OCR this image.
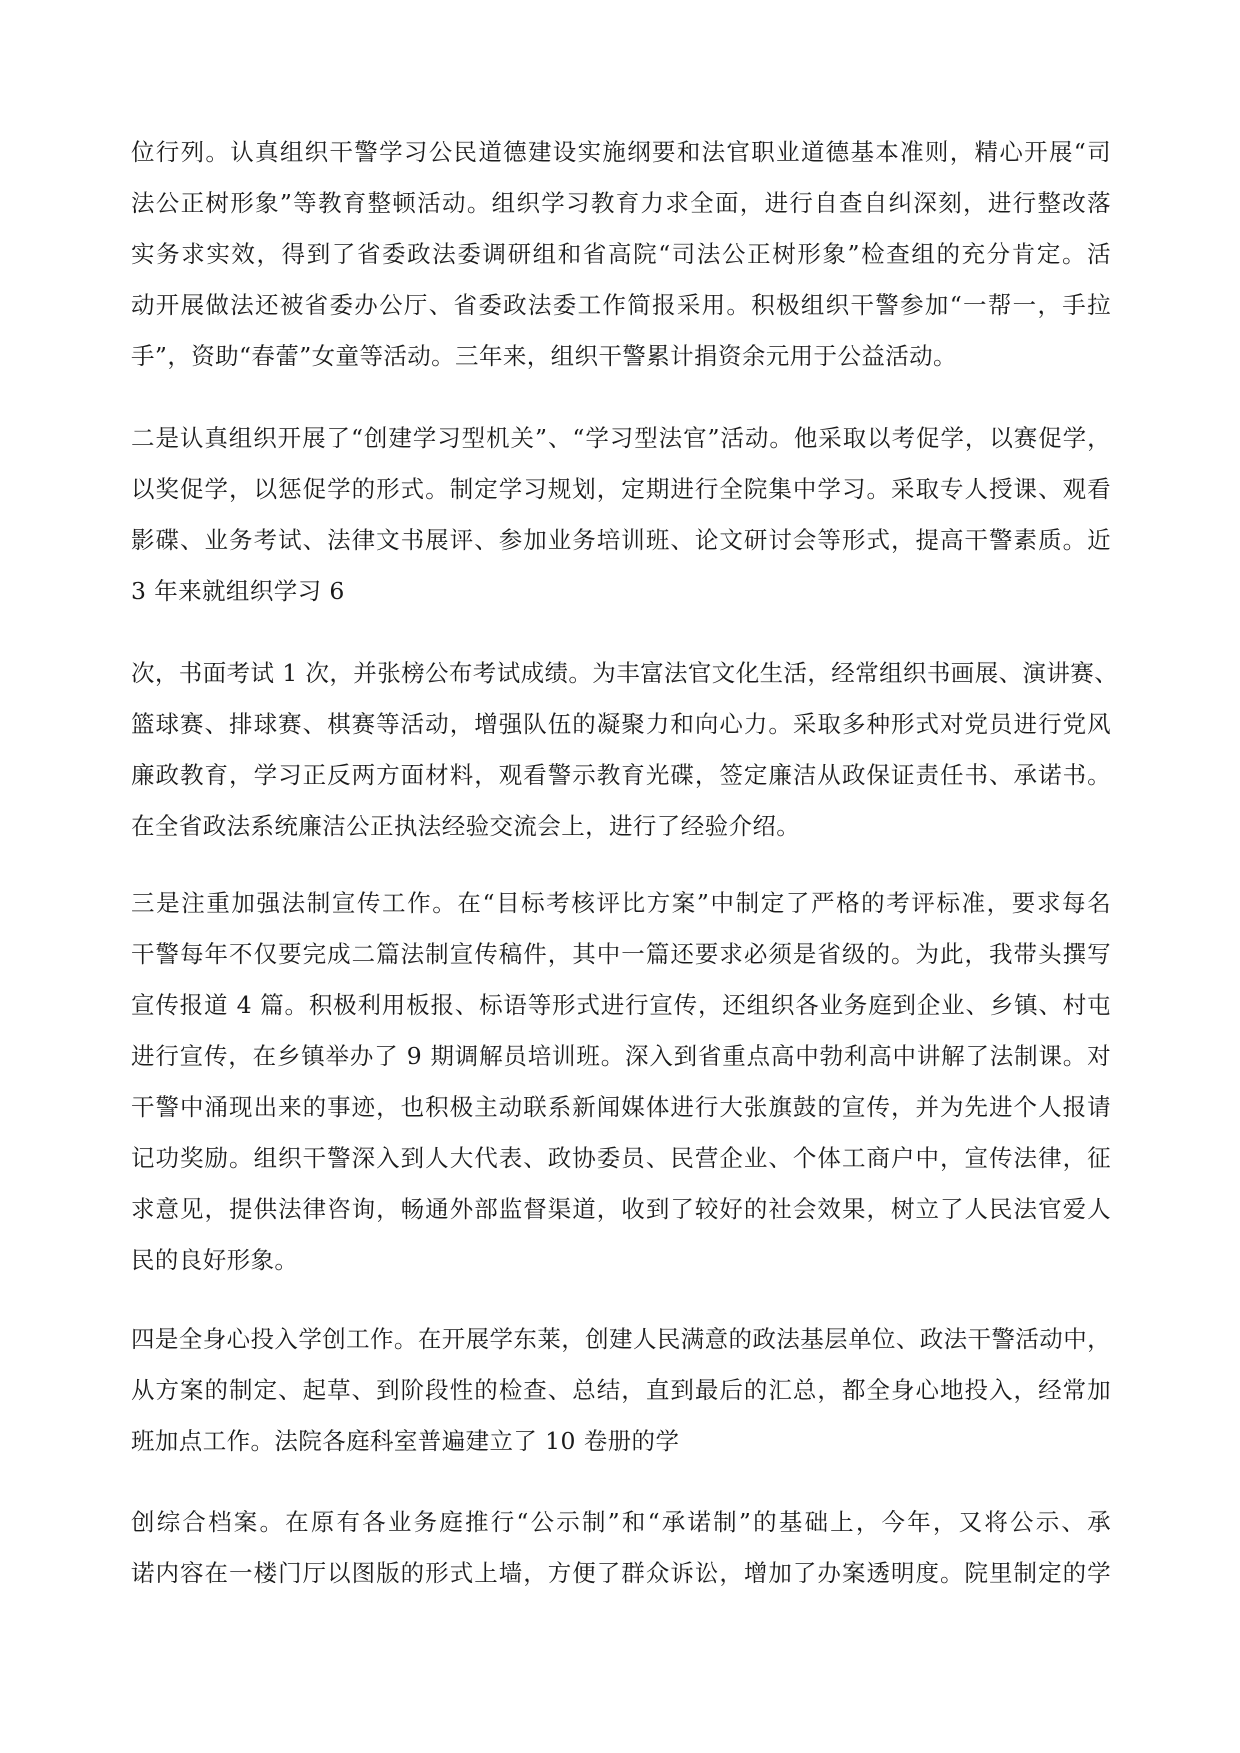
位行列。认真组织干警学习公民道德建设实施纲要和法官职业道德基本准则，精心开展“司
法公正树形象”等教育整顿活动。组织学习教育力求全面，进行自查自纠深刻，进行整改落
实务求实效，得到了省委政法委调研组和省高院“司法公正树形象”检查组的充分肯定。活
动开展做法还被省委办公厅、省委政法委工作简报采用。积极组织干警参加“一帮一，手拉
手”，资助“春蕾”女童等活动。三年来，组织干警累计捐资余元用于公益活动。
二是认真组织开展了“创建学习型机关”、“学习型法官”活动。他采取以考促学，以赛促学，
以奖促学，以惩促学的形式。制定学习规划，定期进行全院集中学习。采取专人授课、观看
影碟、业务考试、法律文书展评、参加业务培训班、论文研讨会等形式，提高干警素质。近
3 年来就组织学习 6
次，书面考试 1 次，并张榜公布考试成绩。为丰富法官文化生活，经常组织书画展、演讲赛、
篮球赛、排球赛、棋赛等活动，增强队伍的凝聚力和向心力。采取多种形式对党员进行党风
廉政教育，学习正反两方面材料，观看警示教育光碟，签定廉洁从政保证责任书、承诺书。
在全省政法系统廉洁公正执法经验交流会上，进行了经验介绍。
三是注重加强法制宣传工作。在“目标考核评比方案”中制定了严格的考评标准，要求每名
干警每年不仅要完成二篇法制宣传稿件，其中一篇还要求必须是省级的。为此，我带头撰写
宣传报道 4 篇。积极利用板报、标语等形式进行宣传，还组织各业务庭到企业、乡镇、村屯
进行宣传，在乡镇举办了 9 期调解员培训班。深入到省重点高中勃利高中讲解了法制课。对
干警中涌现出来的事迹，也积极主动联系新闻媒体进行大张旗鼓的宣传，并为先进个人报请
记功奖励。组织干警深入到人大代表、政协委员、民营企业、个体工商户中，宣传法律，征
求意见，提供法律咨询，畅通外部监督渠道，收到了较好的社会效果，树立了人民法官爱人
民的良好形象。
四是全身心投入学创工作。在开展学东莱，创建人民满意的政法基层单位、政法干警活动中，
从方案的制定、起草、到阶段性的检查、总结，直到最后的汇总，都全身心地投入，经常加
班加点工作。法院各庭科室普遍建立了 10 卷册的学
创综合档案。在原有各业务庭推行“公示制”和“承诺制”的基础上，今年，又将公示、承
诺内容在一楼门厅以图版的形式上墙，方便了群众诉讼，增加了办案透明度。院里制定的学
